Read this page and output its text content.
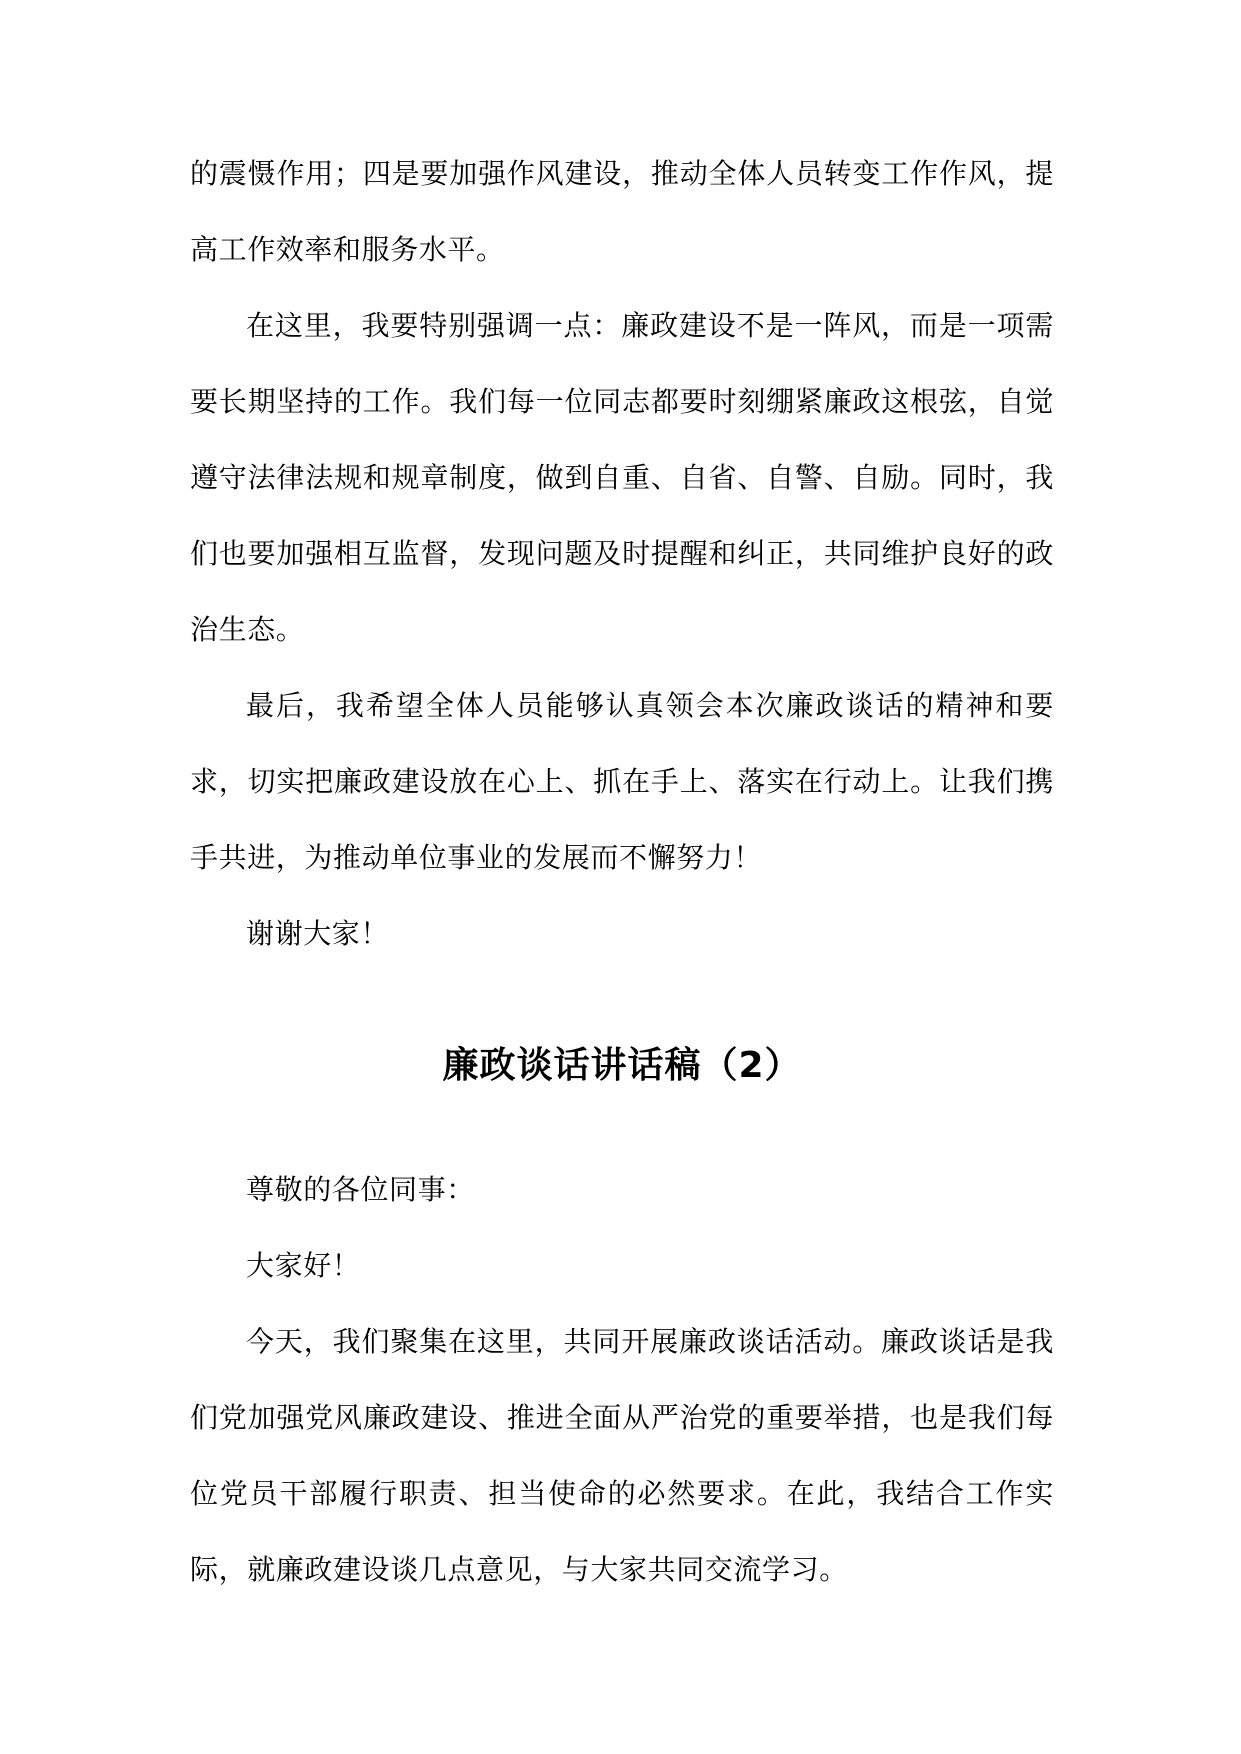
的震慑作用；四是要加强作风建设，推动全体人员转变工作作风，提高工作效率和服务水平。

在这里，我要特别强调一点：廉政建设不是一阵风，而是一项需要长期坚持的工作。我们每一位同志都要时刻绷紧廉政这根弦，自觉遵守法律法规和规章制度，做到自重、自省、自警、自励。同时，我们也要加强相互监督，发现问题及时提醒和纠正，共同维护良好的政治生态。

最后，我希望全体人员能够认真领会本次廉政谈话的精神和要求，切实把廉政建设放在心上、抓在手上、落实在行动上。让我们携手共进，为推动单位事业的发展而不懈努力！

谢谢大家！

廉政谈话讲话稿（2）

尊敬的各位同事：

大家好！

今天，我们聚集在这里，共同开展廉政谈话活动。廉政谈话是我们党加强党风廉政建设、推进全面从严治党的重要举措，也是我们每位党员干部履行职责、担当使命的必然要求。在此，我结合工作实际，就廉政建设谈几点意见，与大家共同交流学习。
